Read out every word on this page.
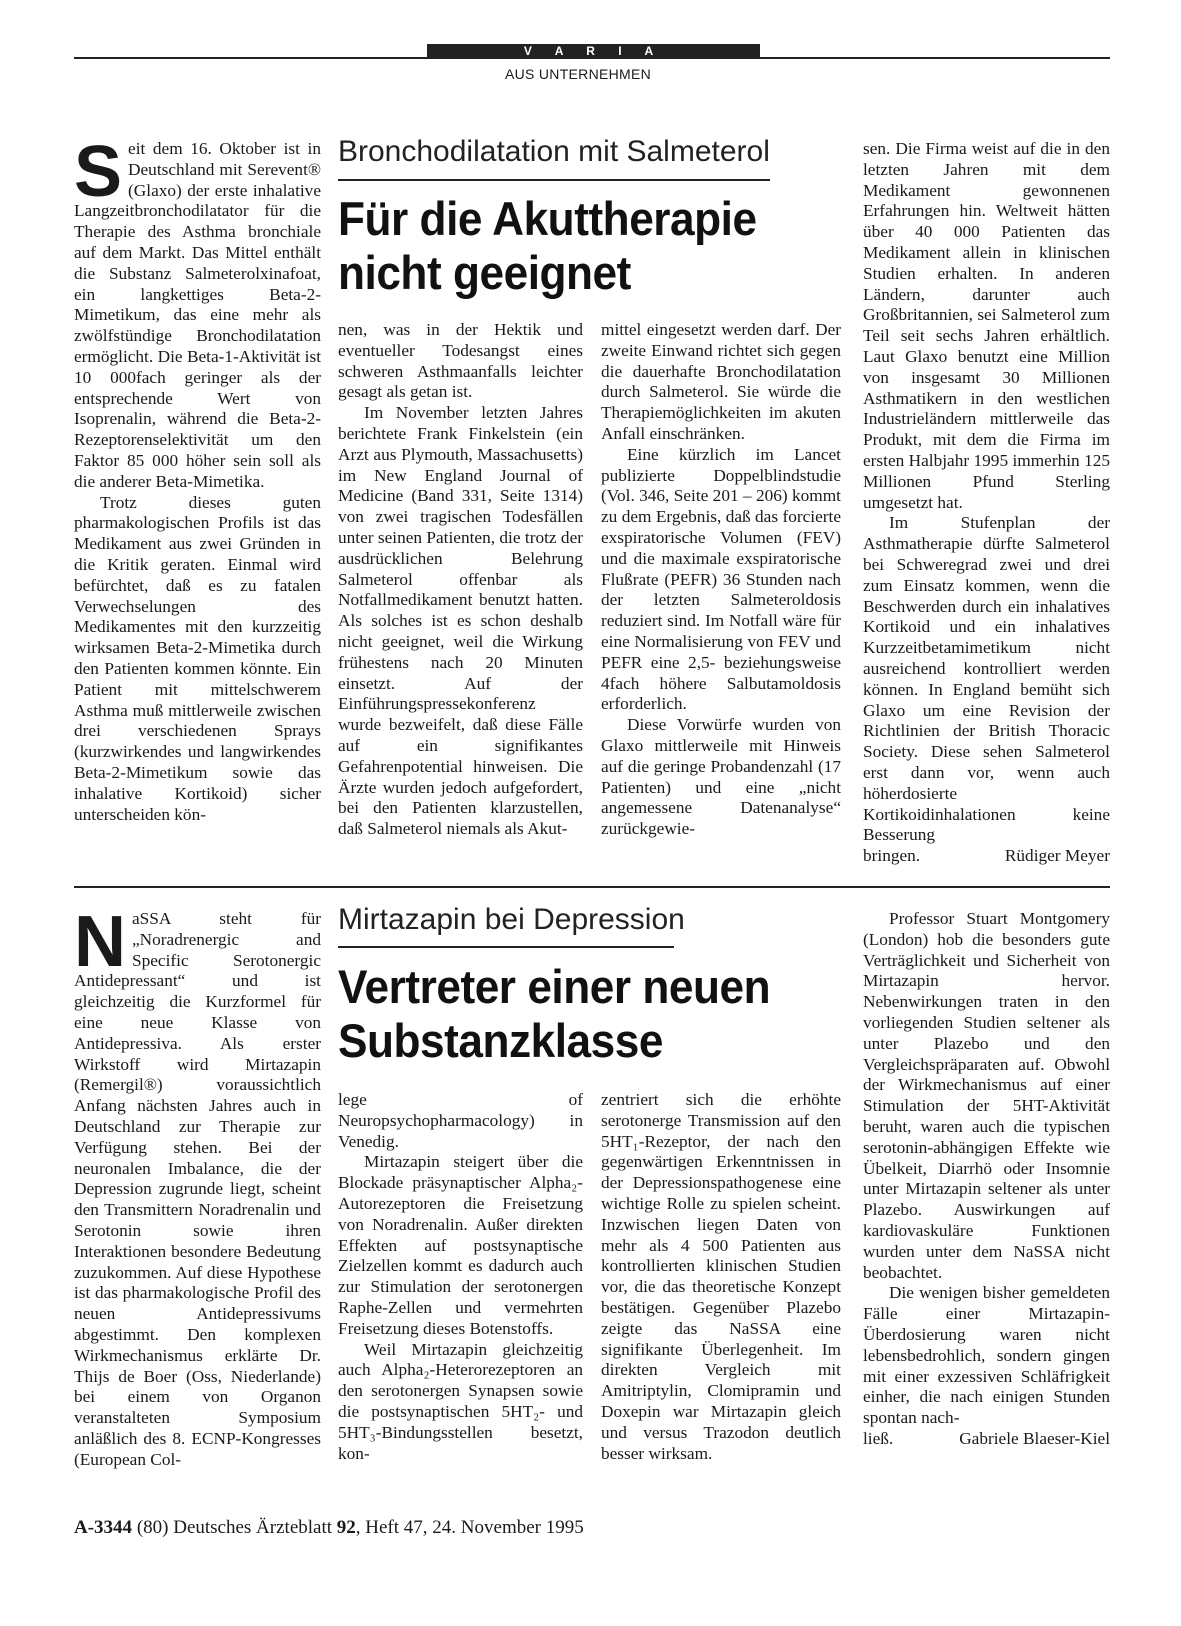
V A R I A
AUS UNTERNEHMEN
Bronchodilatation mit Salmeterol
Für die Akuttherapie
nicht geeignet

Seit dem 16. Oktober ist in Deutschland mit Serevent® (Glaxo) der erste inhalative Langzeitbronchodilatator für die Therapie des Asthma bronchiale auf dem Markt. Das Mittel enthält die Substanz Salmeterolxinafoat, ein langkettiges Beta-2-Mimetikum, das eine mehr als zwölfstündige Bronchodilatation ermöglicht. Die Beta-1-Aktivität ist 10 000fach geringer als der entsprechende Wert von Isoprenalin, während die Beta-2-Rezeptorenselektivität um den Faktor 85 000 höher sein soll als die anderer Beta-Mimetika.

Trotz dieses guten pharmakologischen Profils ist das Medikament aus zwei Gründen in die Kritik geraten. Einmal wird befürchtet, daß es zu fatalen Verwechselungen des Medikamentes mit den kurzzeitig wirksamen Beta-2-Mimetika durch den Patienten kommen könnte. Ein Patient mit mittelschwerem Asthma muß mittlerweile zwischen drei verschiedenen Sprays (kurzwirkendes und langwirkendes Beta-2-Mimetikum sowie das inhalative Kortikoid) sicher unterscheiden kön-

nen, was in der Hektik und eventueller Todesangst eines schweren Asthmaanfalls leichter gesagt als getan ist.

Im November letzten Jahres berichtete Frank Finkelstein (ein Arzt aus Plymouth, Massachusetts) im New England Journal of Medicine (Band 331, Seite 1314) von zwei tragischen Todesfällen unter seinen Patienten, die trotz der ausdrücklichen Belehrung Salmeterol offenbar als Notfallmedikament benutzt hatten. Als solches ist es schon deshalb nicht geeignet, weil die Wirkung frühestens nach 20 Minuten einsetzt. Auf der Einführungspressekonferenz wurde bezweifelt, daß diese Fälle auf ein signifikantes Gefahrenpotential hinweisen. Die Ärzte wurden jedoch aufgefordert, bei den Patienten klarzustellen, daß Salmeterol niemals als Akut-

mittel eingesetzt werden darf. Der zweite Einwand richtet sich gegen die dauerhafte Bronchodilatation durch Salmeterol. Sie würde die Therapiemöglichkeiten im akuten Anfall einschränken.

Eine kürzlich im Lancet publizierte Doppelblindstudie (Vol. 346, Seite 201 – 206) kommt zu dem Ergebnis, daß das forcierte exspiratorische Volumen (FEV) und die maximale exspiratorische Flußrate (PEFR) 36 Stunden nach der letzten Salmeteroldosis reduziert sind. Im Notfall wäre für eine Normalisierung von FEV und PEFR eine 2,5- beziehungsweise 4fach höhere Salbutamoldosis erforderlich.

Diese Vorwürfe wurden von Glaxo mittlerweile mit Hinweis auf die geringe Probandenzahl (17 Patienten) und eine „nicht angemessene Datenanalyse“ zurückgewie-

sen. Die Firma weist auf die in den letzten Jahren mit dem Medikament gewonnenen Erfahrungen hin. Weltweit hätten über 40 000 Patienten das Medikament allein in klinischen Studien erhalten. In anderen Ländern, darunter auch Großbritannien, sei Salmeterol zum Teil seit sechs Jahren erhältlich. Laut Glaxo benutzt eine Million von insgesamt 30 Millionen Asthmatikern in den westlichen Industrieländern mittlerweile das Produkt, mit dem die Firma im ersten Halbjahr 1995 immerhin 125 Millionen Pfund Sterling umgesetzt hat.

Im Stufenplan der Asthmatherapie dürfte Salmeterol bei Schweregrad zwei und drei zum Einsatz kommen, wenn die Beschwerden durch ein inhalatives Kortikoid und ein inhalatives Kurzzeitbetamimetikum nicht ausreichend kontrolliert werden können. In England bemüht sich Glaxo um eine Revision der Richtlinien der British Thoracic Society. Diese sehen Salmeterol erst dann vor, wenn auch höherdosierte Kortikoidinhalationen keine Besserung

bringen.	Rüdiger Meyer
Mirtazapin bei Depression
Vertreter einer neuen
Substanzklasse

NaSSA steht für „Noradrenergic and Specific Serotonergic Antidepressant“ und ist gleichzeitig die Kurzformel für eine neue Klasse von Antidepressiva. Als erster Wirkstoff wird Mirtazapin (Remergil®) voraussichtlich Anfang nächsten Jahres auch in Deutschland zur Therapie zur Verfügung stehen. Bei der neuronalen Imbalance, die der Depression zugrunde liegt, scheint den Transmittern Noradrenalin und Serotonin sowie ihren Interaktionen besondere Bedeutung zuzukommen. Auf diese Hypothese ist das pharmakologische Profil des neuen Antidepressivums abgestimmt. Den komplexen Wirkmechanismus erklärte Dr. Thijs de Boer (Oss, Niederlande) bei einem von Organon veranstalteten Symposium anläßlich des 8. ECNP-Kongresses (European Col-

lege of Neuropsychopharmacology) in Venedig.

Mirtazapin steigert über die Blockade präsynaptischer Alpha₂-Autorezeptoren die Freisetzung von Noradrenalin. Außer direkten Effekten auf postsynaptische Zielzellen kommt es dadurch auch zur Stimulation der serotonergen Raphe-Zellen und vermehrten Freisetzung dieses Botenstoffs.

Weil Mirtazapin gleichzeitig auch Alpha₂-Heterorezeptoren an den serotonergen Synapsen sowie die postsynaptischen 5HT₂- und 5HT₃-Bindungsstellen besetzt, kon-

zentriert sich die erhöhte serotonerge Transmission auf den 5HT₁-Rezeptor, der nach den gegenwärtigen Erkenntnissen in der Depressionspathogenese eine wichtige Rolle zu spielen scheint. Inzwischen liegen Daten von mehr als 4 500 Patienten aus kontrollierten klinischen Studien vor, die das theoretische Konzept bestätigen. Gegenüber Plazebo zeigte das NaSSA eine signifikante Überlegenheit. Im direkten Vergleich mit Amitriptylin, Clomipramin und Doxepin war Mirtazapin gleich und versus Trazodon deutlich besser wirksam.

Professor Stuart Montgomery (London) hob die besonders gute Verträglichkeit und Sicherheit von Mirtazapin hervor. Nebenwirkungen traten in den vorliegenden Studien seltener als unter Plazebo und den Vergleichspräparaten auf. Obwohl der Wirkmechanismus auf einer Stimulation der 5HT-Aktivität beruht, waren auch die typischen serotonin-abhängigen Effekte wie Übelkeit, Diarrhö oder Insomnie unter Mirtazapin seltener als unter Plazebo. Auswirkungen auf kardiovaskuläre Funktionen wurden unter dem NaSSA nicht beobachtet.

Die wenigen bisher gemeldeten Fälle einer Mirtazapin-Überdosierung waren nicht lebensbedrohlich, sondern gingen mit einer exzessiven Schläfrigkeit einher, die nach einigen Stunden spontan nach-

ließ.	Gabriele Blaeser-Kiel
A-3344 (80) Deutsches Ärzteblatt 92, Heft 47, 24. November 1995
